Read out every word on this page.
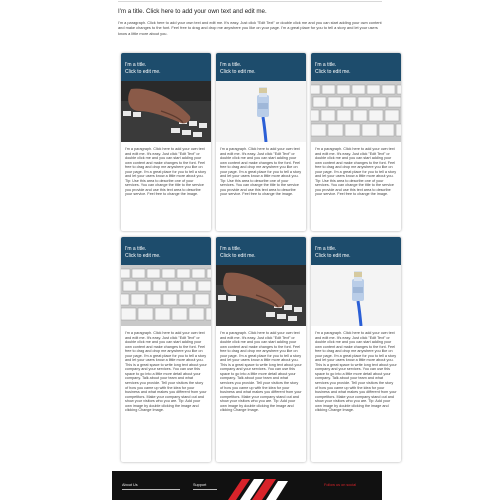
I'm a title. Click here to add your own text and edit me.
I'm a paragraph. Click here to add your own text and edit me. It's easy. Just click "Edit Text" or double click me and you can start adding your own content and make changes to the font. Feel free to drag and drop me anywhere you like on your page. I'm a great place for you to tell a story and let your users know a little more about you.
I'm a title.
Click to edit me.
I'm a paragraph. Click here to add your own text and edit me. It's easy. Just click "Edit Text" or double click me and you can start adding your own content and make changes to the font. Feel free to drag and drop me anywhere you like on your page. I'm a great place for you to tell a story and let your users know a little more about you.
Tip: Use this area to describe one of your services. You can change the title to the service you provide and use this text area to describe your service. Feel free to change the image.
I'm a title.
Click to edit me.
I'm a paragraph. Click here to add your own text and edit me. It's easy. Just click "Edit Text" or double click me and you can start adding your own content and make changes to the font. Feel free to drag and drop me anywhere you like on your page. I'm a great place for you to tell a story and let your users know a little more about you.
Tip: Use this area to describe one of your services. You can change the title to the service you provide and use this text area to describe your service. Feel free to change the image.
I'm a title.
Click to edit me.
I'm a paragraph. Click here to add your own text and edit me. It's easy. Just click "Edit Text" or double click me and you can start adding your own content and make changes to the font. Feel free to drag and drop me anywhere you like on your page. I'm a great place for you to tell a story and let your users know a little more about you.
Tip: Use this area to describe one of your services. You can change the title to the service you provide and use this text area to describe your service. Feel free to change the image.
I'm a title.
Click to edit me.
I'm a paragraph. Click here to add your own text and edit me. It's easy. Just click "Edit Text" or double click me and you can start adding your own content and make changes to the font. Feel free to drag and drop me anywhere you like on your page. I'm a great place for you to tell a story and let your users know a little more about you.
This is a great space to write long text about your company and your services. You can use this space to go into a little more detail about your company. Talk about your team and what services you provide. Tell your visitors the story of how you came up with the idea for your business and what makes you different from your competitors. Make your company stand out and show your visitors who you are. Tip: Add your own image by double clicking the image and clicking Change Image.
I'm a title.
Click to edit me.
I'm a paragraph. Click here to add your own text and edit me. It's easy. Just click "Edit Text" or double click me and you can start adding your own content and make changes to the font. Feel free to drag and drop me anywhere you like on your page. I'm a great place for you to tell a story and let your users know a little more about you.
This is a great space to write long text about your company and your services. You can use this space to go into a little more detail about your company. Talk about your team and what services you provide. Tell your visitors the story of how you came up with the idea for your business and what makes you different from your competitors. Make your company stand out and show your visitors who you are. Tip: Add your own image by double clicking the image and clicking Change Image.
I'm a title.
Click to edit me.
I'm a paragraph. Click here to add your own text and edit me. It's easy. Just click "Edit Text" or double click me and you can start adding your own content and make changes to the font. Feel free to drag and drop me anywhere you like on your page. I'm a great place for you to tell a story and let your users know a little more about you.
This is a great space to write long text about your company and your services. You can use this space to go into a little more detail about your company. Talk about your team and what services you provide. Tell your visitors the story of how you came up with the idea for your business and what makes you different from your competitors. Make your company stand out and show your visitors who you are. Tip: Add your own image by double clicking the image and clicking Change Image.
About Us	Support	Follow us on social
